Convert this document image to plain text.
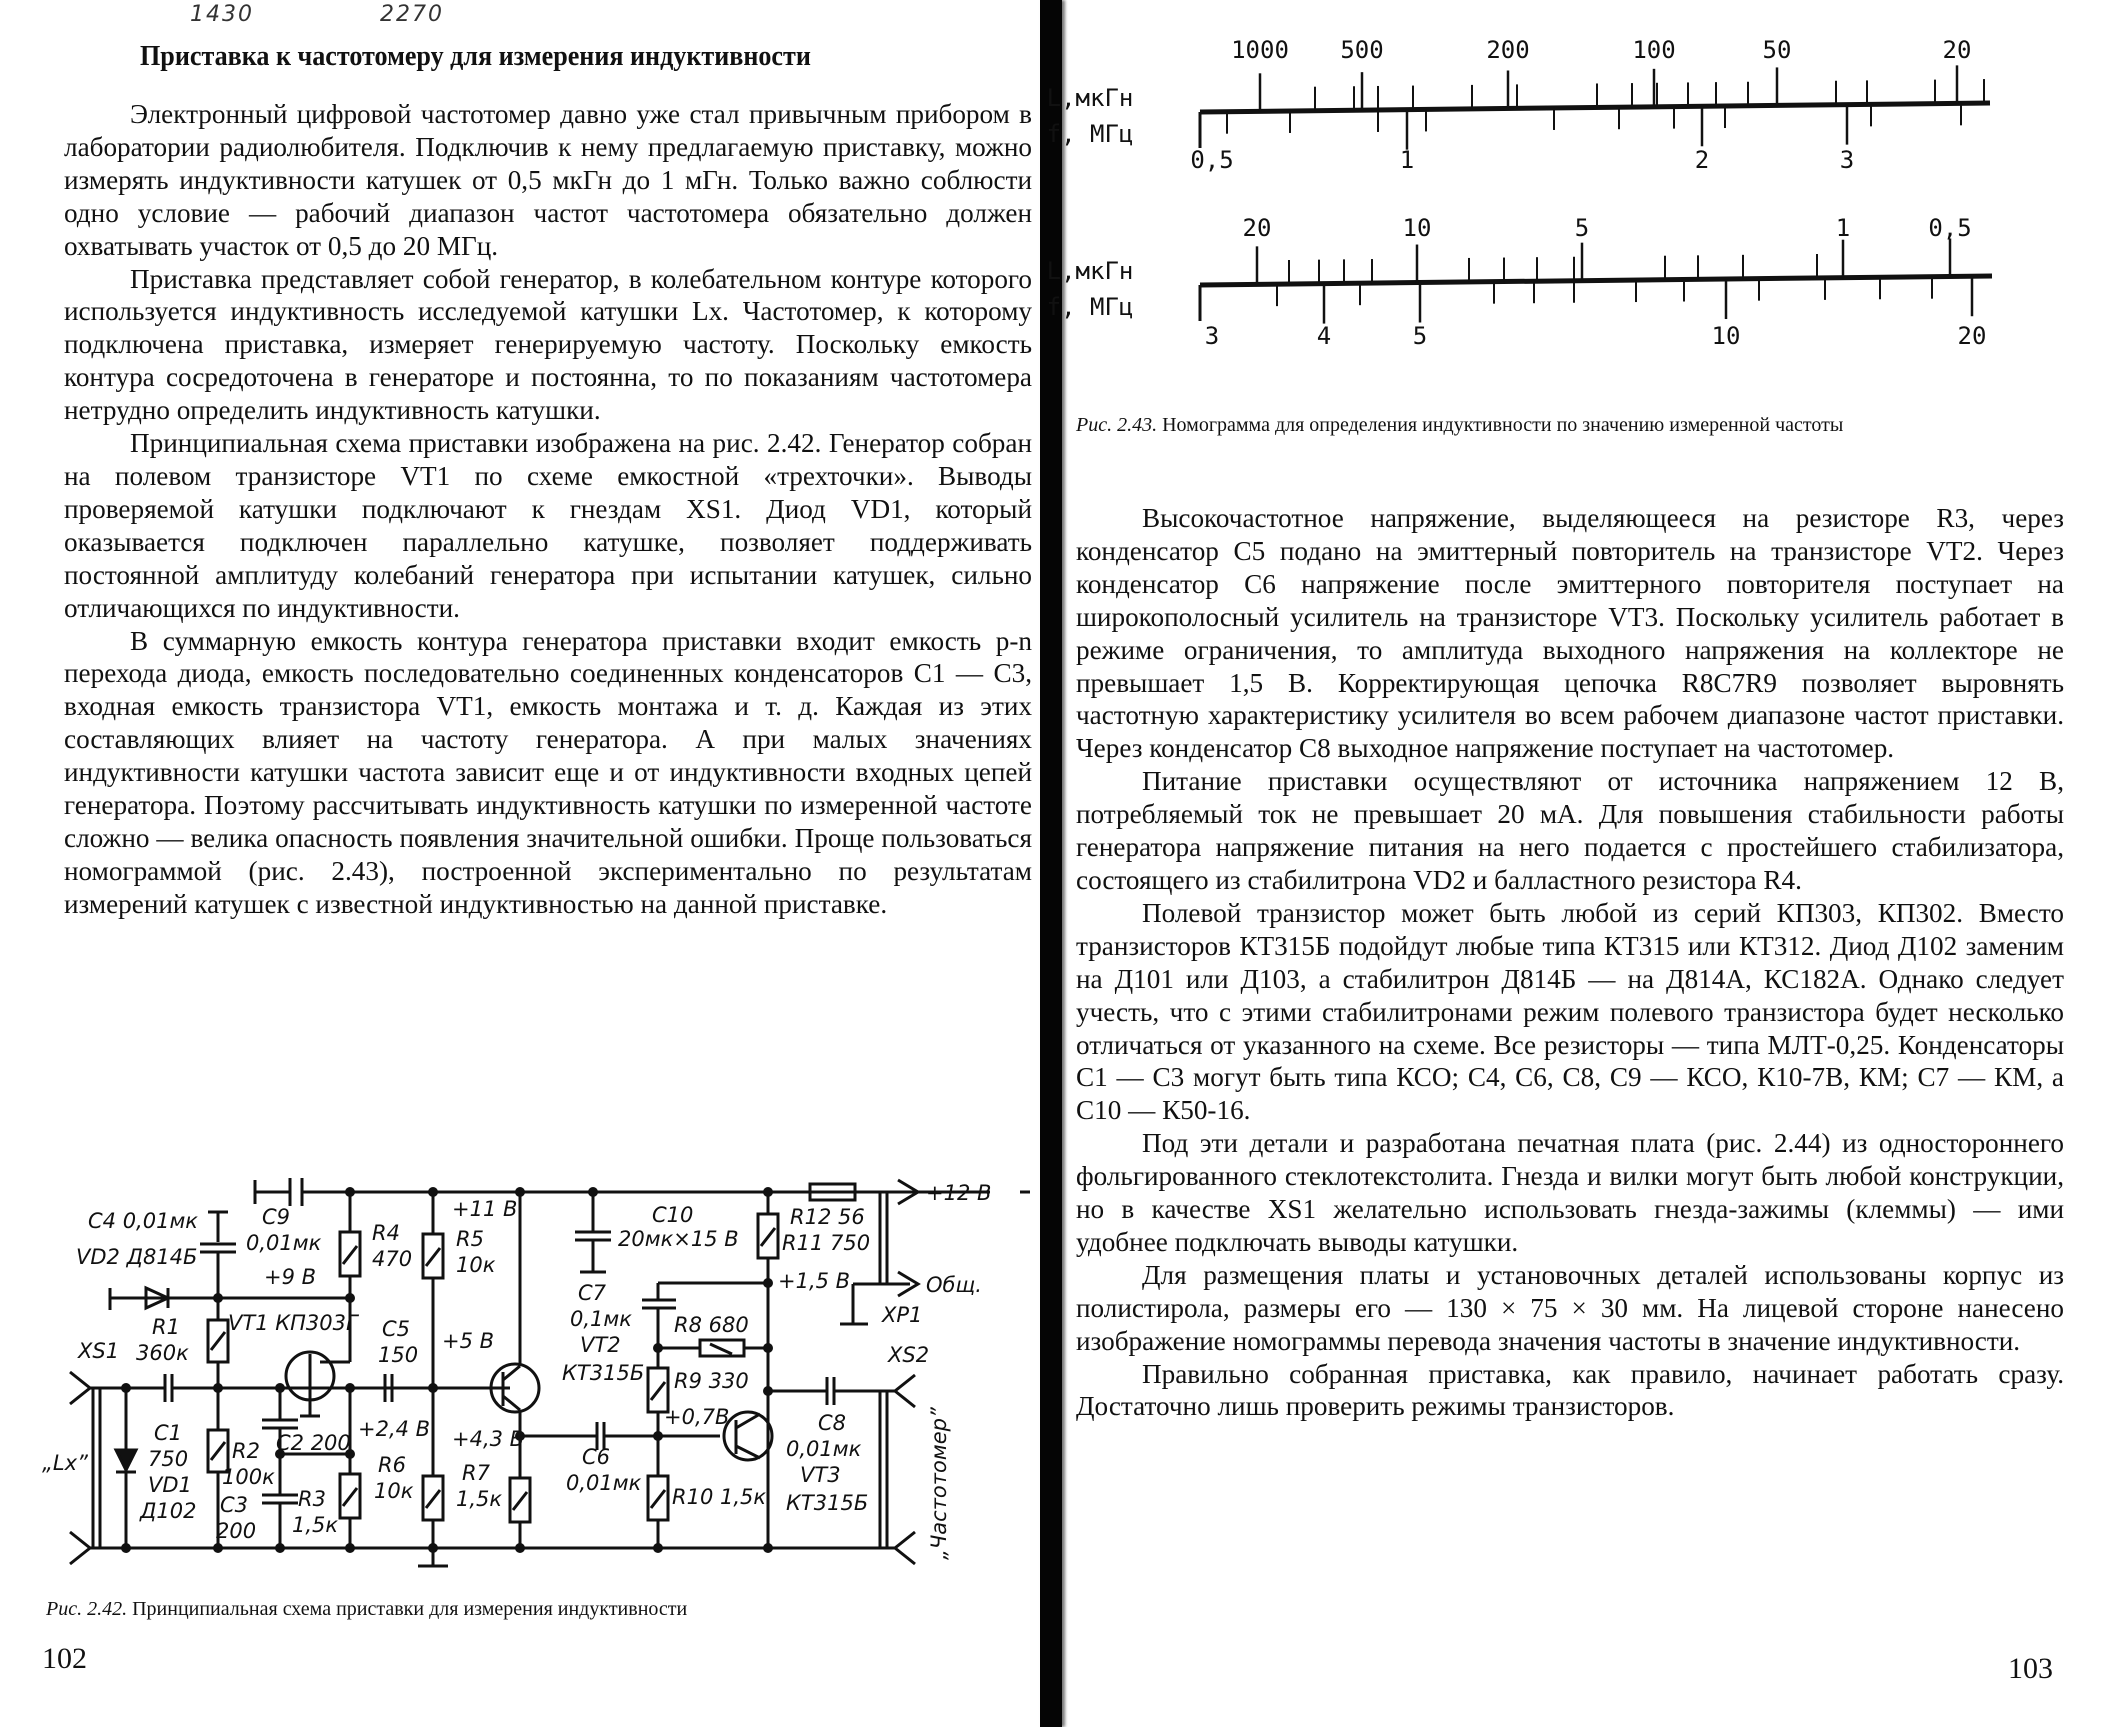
1430	2270
Приставка к частотомеру для измерения индуктивности

Электронный цифровой частотомер давно уже стал привычным прибором в лаборатории радиолюбителя. Подключив к нему предлагаемую приставку, можно измерять индуктивности катушек от 0,5 мкГн до 1 мГн. Только важно соблюсти одно условие — рабочий диапазон частот частотомера обязательно должен охватывать участок от 0,5 до 20 МГц.

Приставка представляет собой генератор, в колебательном контуре которого используется индуктивность исследуемой катушки Lx. Частотомер, к которому подключена приставка, измеряет генерируемую частоту. Поскольку емкость контура сосредоточена в генераторе и постоянна, то по показаниям частотомера нетрудно определить индуктивность катушки.

Принципиальная схема приставки изображена на рис. 2.42. Генератор собран на полевом транзисторе VT1 по схеме емкостной «трехточки». Выводы проверяемой катушки подключают к гнездам XS1. Диод VD1, который оказывается подключен параллельно катушке, позволяет поддерживать постоянной амплитуду колебаний генератора при испытании катушек, сильно отличающихся по индуктивности.

В суммарную емкость контура генератора приставки входит емкость p-n перехода диода, емкость последовательно соединенных конденсаторов C1 — C3, входная емкость транзистора VT1, емкость монтажа и т. д. Каждая из этих составляющих влияет на частоту генератора. А при малых значениях индуктивности катушки частота зависит еще и от индуктивности входных цепей генератора. Поэтому рассчитывать индуктивность катушки по измеренной частоте сложно — велика опасность появления значительной ошибки. Проще пользоваться номограммой (рис. 2.43), построенной экспериментально по результатам измерений катушек с известной индуктивностью на данной приставке.

C4 0,01мк
VD2 Д814Б
C9
0,01мк
+9 В
R4
470
+11 В
R5
10к
R1
360к
VT1 КП303Г C5
150
+5 В
XS1
C1
750
VD1
Д102
„Lx”	R2
100к
C2 200
C3
200
R3
1,5к
+2,4 В
R6
10к
+4,3 В
R7
1,5к
C10
20мк×15 В
C7
0,1мк
VT2
КТ315Б
R12 56
R11 750
+1,5 В
+12 В
Общ.
XP1
R8 680
R9 330
+0,7В
XS2
C6
0,01мк
R10 1,5к
C8
0,01мк
VT3
КТ315Б	„Частотомер”
Рис. 2.42. Принципиальная схема приставки для измерения индуктивности
102
L,мкГн
f, МГц
1000 500	200	100	50	20
0,5	1	2	3
L,мкГн
f, МГц
20	10	5	1	0,5
3	4	5	10	20
Рис. 2.43. Номограмма для определения индуктивности по значению измеренной частоты

Высокочастотное напряжение, выделяющееся на резисторе R3, через конденсатор C5 подано на эмиттерный повторитель на транзисторе VT2. Через конденсатор C6 напряжение после эмиттерного повторителя поступает на широкополосный усилитель на транзисторе VT3. Поскольку усилитель работает в режиме ограничения, то амплитуда выходного напряжения на коллекторе не превышает 1,5 В. Корректирующая цепочка R8C7R9 позволяет выровнять частотную характеристику усилителя во всем рабочем диапазоне частот приставки. Через конденсатор C8 выходное напряжение поступает на частотомер.

Питание приставки осуществляют от источника напряжением 12 В, потребляемый ток не превышает 20 мА. Для повышения стабильности работы генератора напряжение питания на него подается с простейшего стабилизатора, состоящего из стабилитрона VD2 и балластного резистора R4.

Полевой транзистор может быть любой из серий КП303, КП302. Вместо транзисторов КТ315Б подойдут любые типа КТ315 или КТ312. Диод Д102 заменим на Д101 или Д103, а стабилитрон Д814Б — на Д814А, КС182А. Однако следует учесть, что с этими стабилитронами режим полевого транзистора будет несколько отличаться от указанного на схеме. Все резисторы — типа МЛТ-0,25. Конденсаторы C1 — C3 могут быть типа КСО; C4, C6, C8, C9 — КСО, К10-7В, КМ; C7 — КМ, а C10 — К50-16.

Под эти детали и разработана печатная плата (рис. 2.44) из одностороннего фольгированного стеклотекстолита. Гнезда и вилки могут быть любой конструкции, но в качестве XS1 желательно использовать гнезда-зажимы (клеммы) — ими удобнее подключать выводы катушки.

Для размещения платы и установочных деталей использованы корпус из полистирола, размеры его — 130 × 75 × 30 мм. На лицевой стороне нанесено изображение номограммы перевода значения частоты в значение индуктивности.

Правильно собранная приставка, как правило, начинает работать сразу. Достаточно лишь проверить режимы транзисторов.

103
